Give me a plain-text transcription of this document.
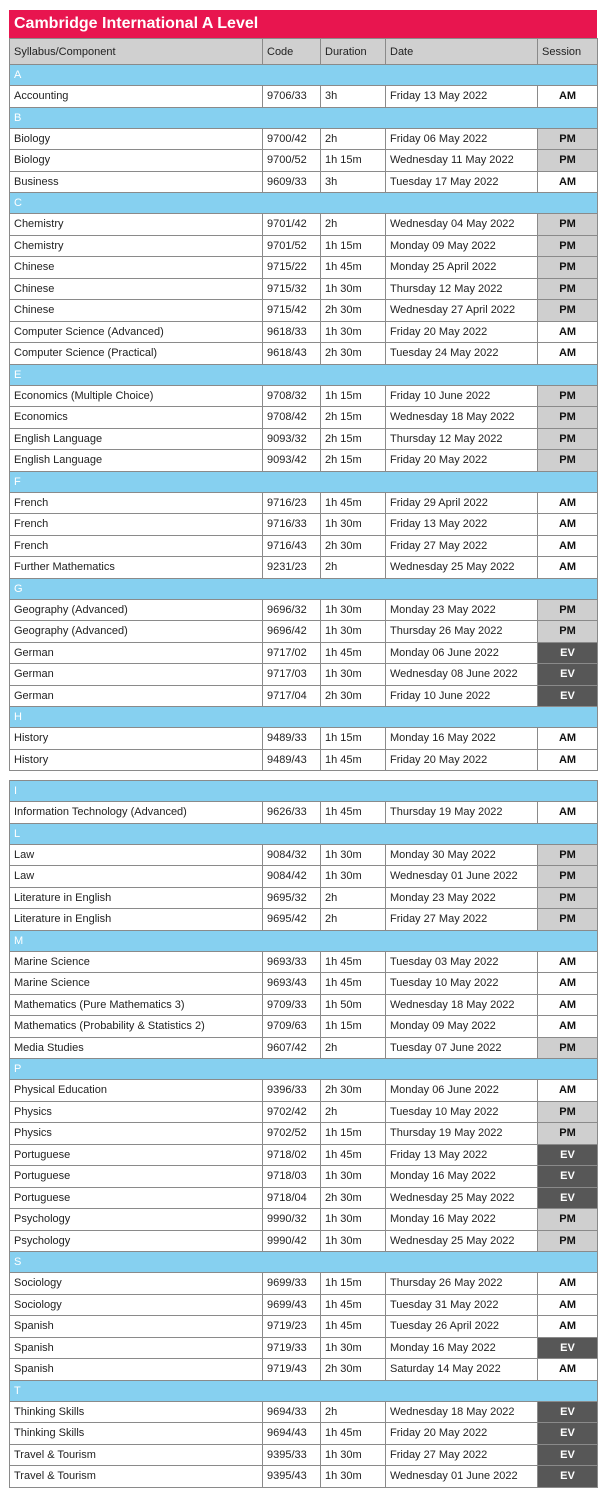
Cambridge International A Level
Syllabus/Component	Code	Duration	Date	Session
A				
Accounting	9706/33	3h	Friday 13 May 2022	AM
B				
Biology	9700/42	2h	Friday 06 May 2022	PM
Biology	9700/52	1h 15m	Wednesday 11 May 2022	PM
Business	9609/33	3h	Tuesday 17 May 2022	AM
C				
Chemistry	9701/42	2h	Wednesday 04 May 2022	PM
Chemistry	9701/52	1h 15m	Monday 09 May 2022	PM
Chinese	9715/22	1h 45m	Monday 25 April 2022	PM
Chinese	9715/32	1h 30m	Thursday 12 May 2022	PM
Chinese	9715/42	2h 30m	Wednesday 27 April 2022	PM
Computer Science (Advanced)	9618/33	1h 30m	Friday 20 May 2022	AM
Computer Science (Practical)	9618/43	2h 30m	Tuesday 24 May 2022	AM
E				
Economics (Multiple Choice)	9708/32	1h 15m	Friday 10 June 2022	PM
Economics	9708/42	2h 15m	Wednesday 18 May 2022	PM
English Language	9093/32	2h 15m	Thursday 12 May 2022	PM
English Language	9093/42	2h 15m	Friday 20 May 2022	PM
F				
French	9716/23	1h 45m	Friday 29 April 2022	AM
French	9716/33	1h 30m	Friday 13 May 2022	AM
French	9716/43	2h 30m	Friday 27 May 2022	AM
Further Mathematics	9231/23	2h	Wednesday 25 May 2022	AM
G				
Geography (Advanced)	9696/32	1h 30m	Monday 23 May 2022	PM
Geography (Advanced)	9696/42	1h 30m	Thursday 26 May 2022	PM
German	9717/02	1h 45m	Monday 06 June 2022	EV
German	9717/03	1h 30m	Wednesday 08 June 2022	EV
German	9717/04	2h 30m	Friday 10 June 2022	EV
H				
History	9489/33	1h 15m	Monday 16 May 2022	AM
History	9489/43	1h 45m	Friday 20 May 2022	AM

I				
Information Technology (Advanced)	9626/33	1h 45m	Thursday 19 May 2022	AM
L				
Law	9084/32	1h 30m	Monday 30 May 2022	PM
Law	9084/42	1h 30m	Wednesday 01 June 2022	PM
Literature in English	9695/32	2h	Monday 23 May 2022	PM
Literature in English	9695/42	2h	Friday 27 May 2022	PM
M				
Marine Science	9693/33	1h 45m	Tuesday 03 May 2022	AM
Marine Science	9693/43	1h 45m	Tuesday 10 May 2022	AM
Mathematics (Pure Mathematics 3)	9709/33	1h 50m	Wednesday 18 May 2022	AM
Mathematics (Probability & Statistics 2)	9709/63	1h 15m	Monday 09 May 2022	AM
Media Studies	9607/42	2h	Tuesday 07 June 2022	PM
P				
Physical Education	9396/33	2h 30m	Monday 06 June 2022	AM
Physics	9702/42	2h	Tuesday 10 May 2022	PM
Physics	9702/52	1h 15m	Thursday 19 May 2022	PM
Portuguese	9718/02	1h 45m	Friday 13 May 2022	EV
Portuguese	9718/03	1h 30m	Monday 16 May 2022	EV
Portuguese	9718/04	2h 30m	Wednesday 25 May 2022	EV
Psychology	9990/32	1h 30m	Monday 16 May 2022	PM
Psychology	9990/42	1h 30m	Wednesday 25 May 2022	PM
S				
Sociology	9699/33	1h 15m	Thursday 26 May 2022	AM
Sociology	9699/43	1h 45m	Tuesday 31 May 2022	AM
Spanish	9719/23	1h 45m	Tuesday 26 April 2022	AM
Spanish	9719/33	1h 30m	Monday 16 May 2022	EV
Spanish	9719/43	2h 30m	Saturday 14 May 2022	AM
T				
Thinking Skills	9694/33	2h	Wednesday 18 May 2022	EV
Thinking Skills	9694/43	1h 45m	Friday 20 May 2022	EV
Travel & Tourism	9395/33	1h 30m	Friday 27 May 2022	EV
Travel & Tourism	9395/43	1h 30m	Wednesday 01 June 2022	EV
